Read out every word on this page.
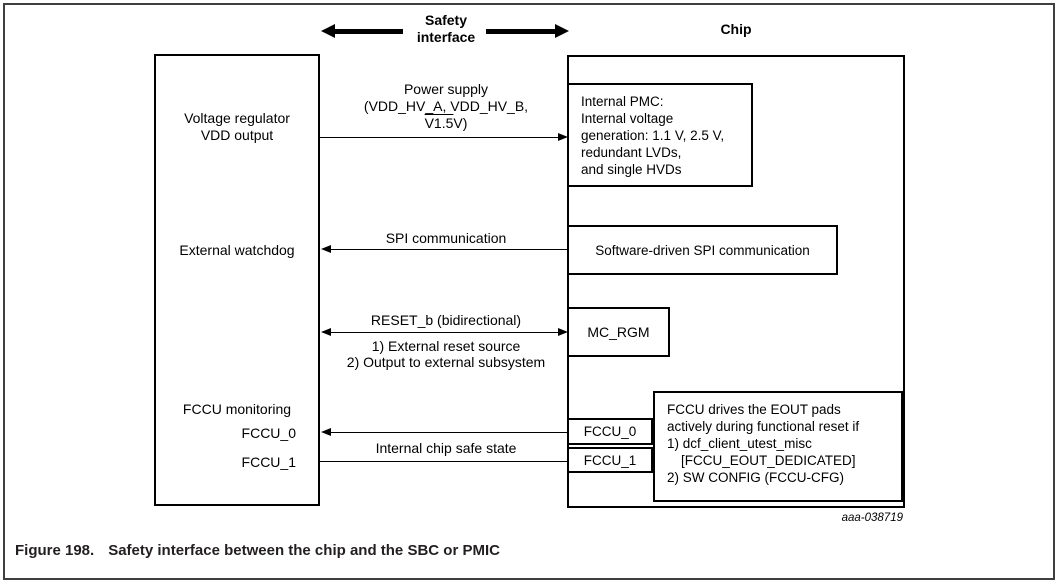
Safety interface	Chip
Voltage regulator
VDD output
External watchdog
FCCU monitoring
FCCU_0
FCCU_1
Internal PMC:
Internal voltage
generation: 1.1 V, 2.5 V,
redundant LVDs,
and single HVDs
Software-driven SPI communication
MC_RGM
FCCU_0
FCCU_1
FCCU drives the EOUT pads
actively during functional reset if
1) dcf_client_utest_misc
[FCCU_EOUT_DEDICATED]
2) SW CONFIG (FCCU-CFG)
Power supply
(VDD_HV_A, VDD_HV_B,
V1.5V)
SPI communication
RESET_b (bidirectional)
1) External reset source
2) Output to external subsystem
Internal chip safe state
aaa-038719
Figure 198. Safety interface between the chip and the SBC or PMIC
